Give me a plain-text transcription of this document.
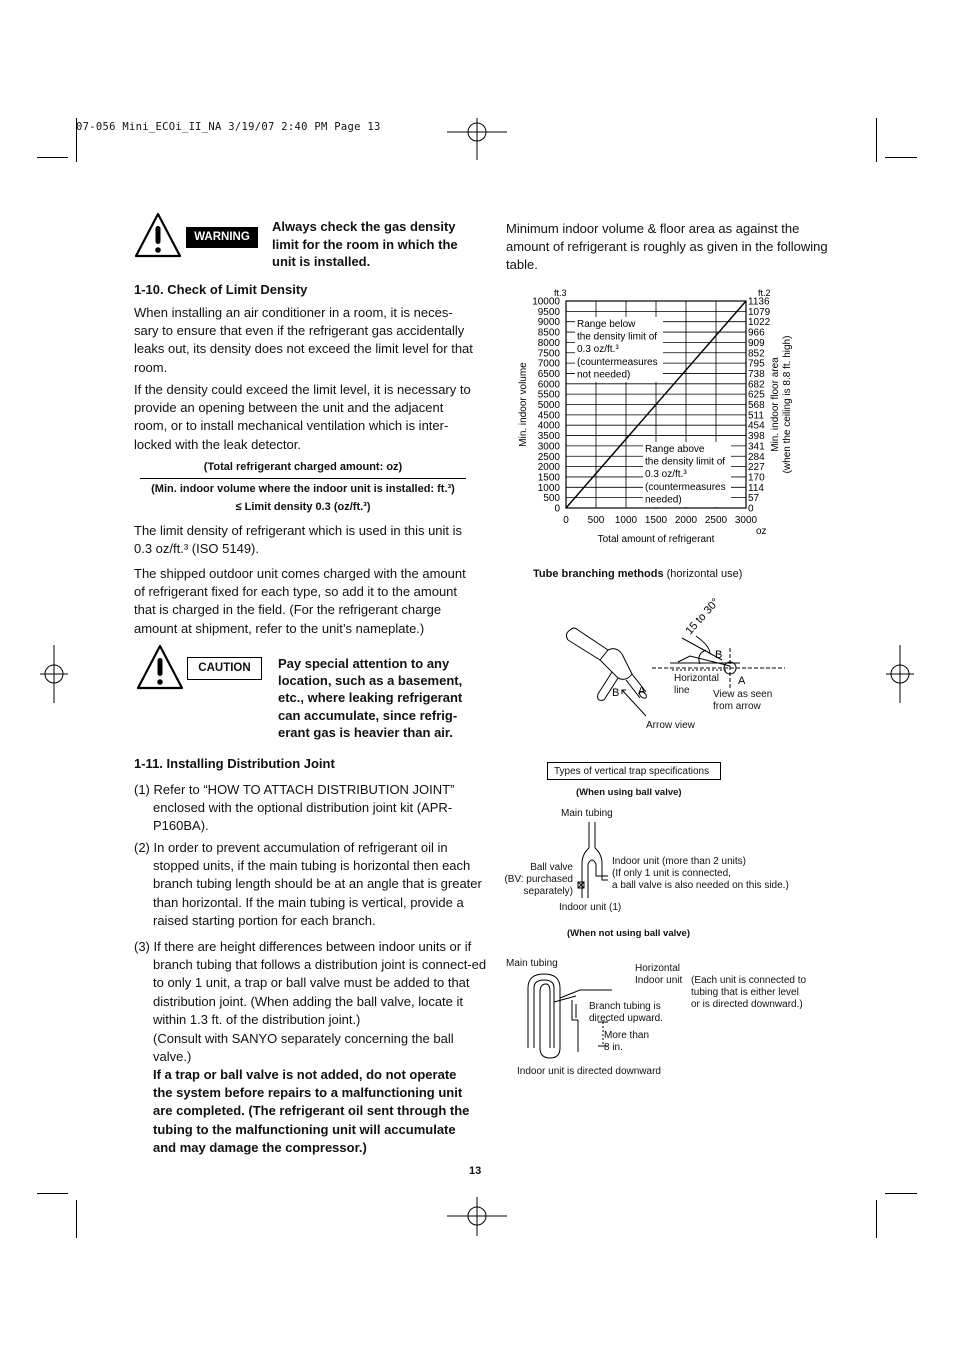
07-056 Mini_ECOi_II_NA 3/19/07 2:40 PM Page 13
WARNING
Always check the gas density limit for the room in which the unit is installed.
1-10. Check of Limit Density
When installing an air conditioner in a room, it is neces-sary to ensure that even if the refrigerant gas accidentally leaks out, its density does not exceed the limit level for that room.
If the density could exceed the limit level, it is necessary to provide an opening between the unit and the adjacent room, or to install mechanical ventilation which is inter-locked with the leak detector.
(Total refrigerant charged amount: oz)
(Min. indoor volume where the indoor unit is installed: ft.³)
≤ Limit density 0.3 (oz/ft.³)
The limit density of refrigerant which is used in this unit is 0.3 oz/ft.³ (ISO 5149).
The shipped outdoor unit comes charged with the amount of refrigerant fixed for each type, so add it to the amount that is charged in the field. (For the refrigerant charge amount at shipment, refer to the unit’s nameplate.)
CAUTION	Pay special attention to any location, such as a basement, etc., where leaking refrigerant can accumulate, since refrig-erant gas is heavier than air.
1-11. Installing Distribution Joint
(1) Refer to “HOW TO ATTACH DISTRIBUTION JOINT” enclosed with the optional distribution joint kit (APR-P160BA).
(2) In order to prevent accumulation of refrigerant oil in stopped units, if the main tubing is horizontal then each branch tubing length should be at an angle that is greater than horizontal. If the main tubing is vertical, provide a raised starting portion for each branch.
(3) If there are height differences between indoor units or if branch tubing that follows a distribution joint is connect-ed to only 1 unit, a trap or ball valve must be added to that distribution joint. (When adding the ball valve, locate it within 1.3 ft. of the distribution joint.)
(Consult with SANYO separately concerning the ball valve.)
If a trap or ball valve is not added, do not operate the system before repairs to a malfunctioning unit are completed. (The refrigerant oil sent through the tubing to the malfunctioning unit will accumulate and may damage the compressor.)
Minimum indoor volume & floor area as against the amount of refrigerant is roughly as given in the following table.
10000
9500
9000
8500
8000
7500
7000
6500
6000
5500
5000
4500
4000
3500
3000
2500
2000
1500
1000
500
0
1136
1079
1022
966
909
852
795
738
682
625
568
511
454
398
341
284
227
170
114
57
0
0 500 1000 1500 2000 2500 3000
ft.3	ft.2
oz
Total amount of refrigerant
Min. indoor volume	Min. indoor floor area (when the ceiling is 8.8 ft. high)
Range below
the density limit of
0.3 oz/ft.³
(countermeasures
not needed)
Range above
the density limit of
0.3 oz/ft.³
(countermeasures
needed)
Tube branching methods (horizontal use)
15 to 30°
B
A
B A
Horizontal line	View as seen from arrow
Arrow view
Types of vertical trap specifications
(When using ball valve)
Main tubing
Ball valve
(BV: purchased
separately)
Indoor unit (more than 2 units)
(If only 1 unit is connected,
a ball valve is also needed on this side.)
Indoor unit (1)
(When not using ball valve)
Main tubing	Horizontal
Indoor unit (Each unit is connected to
tubing that is either level
or is directed downward.)
Branch tubing is
directed upward.
More than
8 in.
Indoor unit is directed downward
13
